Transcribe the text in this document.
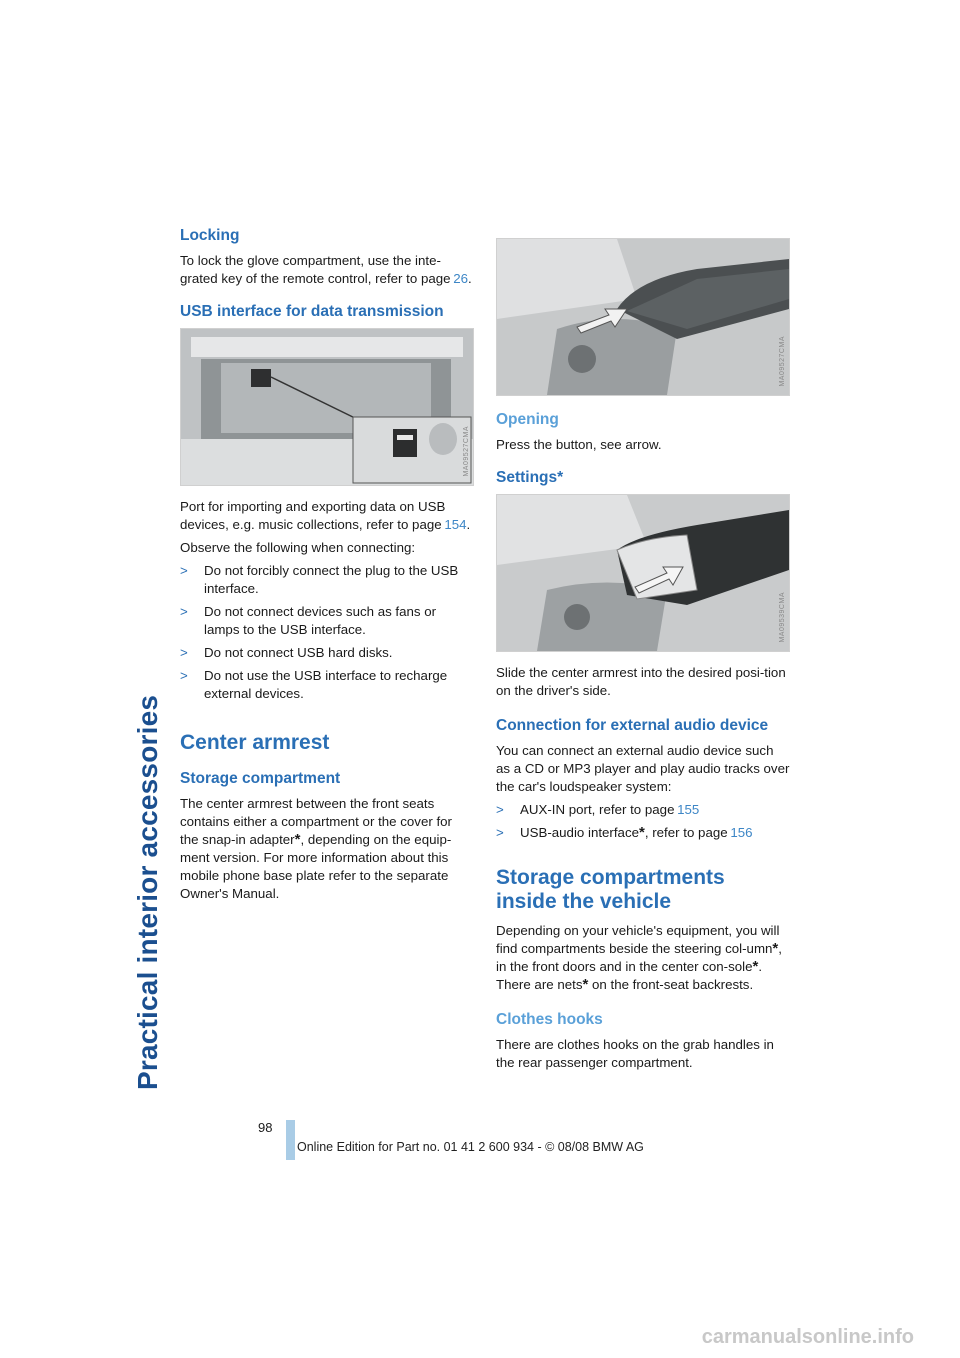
Practical interior accessories
Locking

To lock the glove compartment, use the inte-grated key of the remote control, refer to page  26.

USB interface for data transmission
MA09527CMA

Port for importing and exporting data on USB devices, e.g. music collections, refer to page  154.

Observe the following when connecting:

> Do not forcibly connect the plug to the USB interface.
> Do not connect devices such as fans or lamps to the USB interface.
> Do not connect USB hard disks.
> Do not use the USB interface to recharge external devices.
Center armrest
Storage compartment

The center armrest between the front seats contains either a compartment or the cover for the snap-in adapter*, depending on the equip-ment version. For more information about this mobile phone base plate refer to the separate Owner's Manual.

MA09527CMA
Opening

Press the button, see arrow.

Settings*
MA09539CMA

Slide the center armrest into the desired posi-tion on the driver's side.

Connection for external audio device

You can connect an external audio device such as a CD or MP3 player and play audio tracks over the car's loudspeaker system:

> AUX-IN port, refer to page  155
> USB-audio interface*, refer to page  156
Storage compartments inside the vehicle

Depending on your vehicle's equipment, you will find compartments beside the steering col-umn*, in the front doors and in the center con-sole*.
There are nets* on the front-seat backrests.

Clothes hooks

There are clothes hooks on the grab handles in the rear passenger compartment.

98
Online Edition for Part no. 01 41 2 600 934 - © 08/08 BMW AG
carmanualsonline.info
